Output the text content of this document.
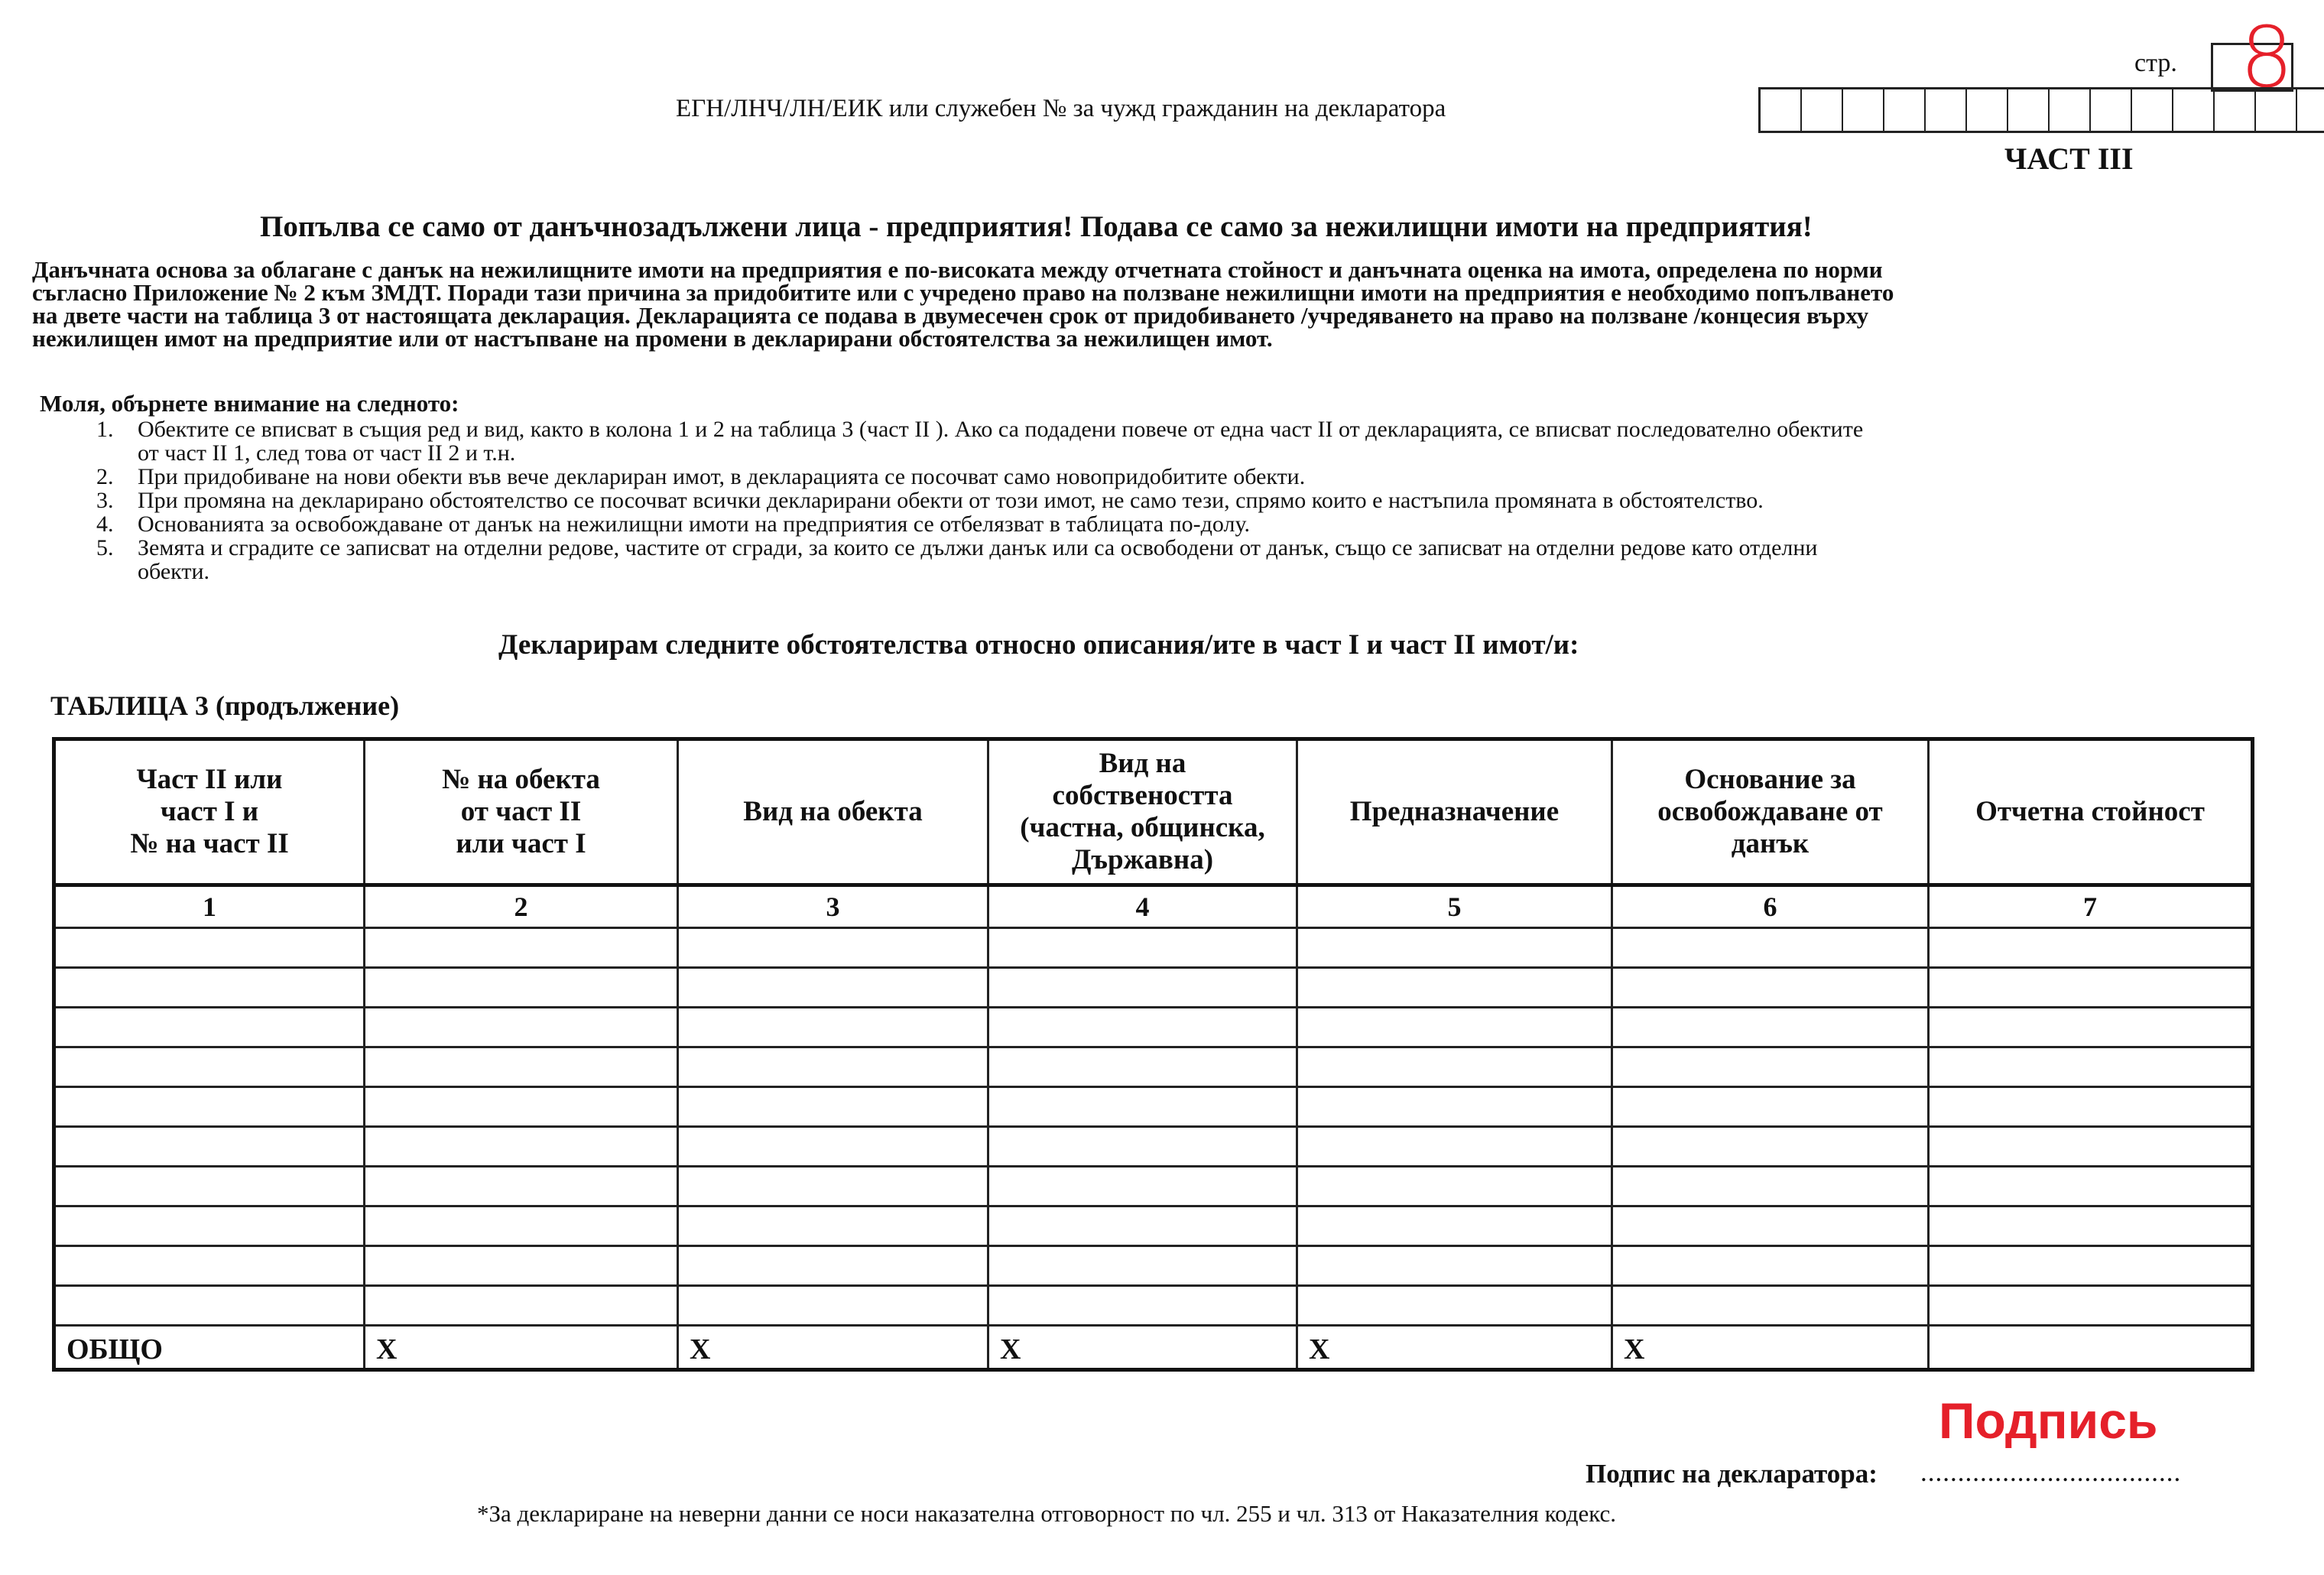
стр. 8
ЕГН/ЛНЧ/ЛН/ЕИК или служебен № за чужд гражданин на декларатора
ЧАСТ III
Попълва се само от данъчнозадължени лица - предприятия! Подава се само за нежилищни имоти на предприятия!
Данъчната основа за облагане с данък на нежилищните имоти на предприятия е по-високата между отчетната стойност и данъчната оценка на имота, определена по норми
съгласно Приложение № 2 към ЗМДТ. Поради тази причина за придобитите или с учредено право на ползване нежилищни имоти на предприятия е необходимо попълването
на двете части на таблица 3 от настоящата декларация. Декларацията се подава в двумесечен срок от придобиването /учредяването на право на ползване /концесия върху
нежилищен имот на предприятие или от настъпване на промени в декларирани обстоятелства за нежилищен имот.
Моля, обърнете внимание на следното:
1.	Обектите се вписват в същия ред и вид, както в колона 1 и 2 на таблица 3 (част II ). Ако са подадени повече от една част II от декларацията, се вписват последователно обектите
от част II 1, след това от част II 2 и т.н.
2.	При придобиване на нови обекти във вече деклариран имот, в декларацията се посочват само новопридобитите обекти.
3.	При промяна на декларирано обстоятелство се посочват всички декларирани обекти от този имот, не само тези, спрямо които е настъпила промяната в обстоятелство.
4.	Основанията за освобождаване от данък на нежилищни имоти на предприятия се отбелязват в таблицата по-долу.
5.	Земята и сградите се записват на отделни редове, частите от сгради, за които се дължи данък или са освободени от данък, също се записват на отделни редове като отделни
обекти.
Декларирам следните обстоятелства относно описания/ите в част I и част II имот/и:
ТАБЛИЦА 3 (продължение)
Част II или
част I и
№ на част II	№ на обекта
от част II
или част I	Вид на обекта	Вид на
собствеността
(частна, общинска,
Държавна)	Предназначение	Основание за
освобождаване от
данък	Отчетна стойност
1	2	3	4	5	6	7

ОБЩО	X	X	X	X	X	
Подпись
Подпис на декларатора: ...................................
*За деклариране на неверни данни се носи наказателна отговорност по чл. 255 и чл. 313 от Наказателния кодекс.
